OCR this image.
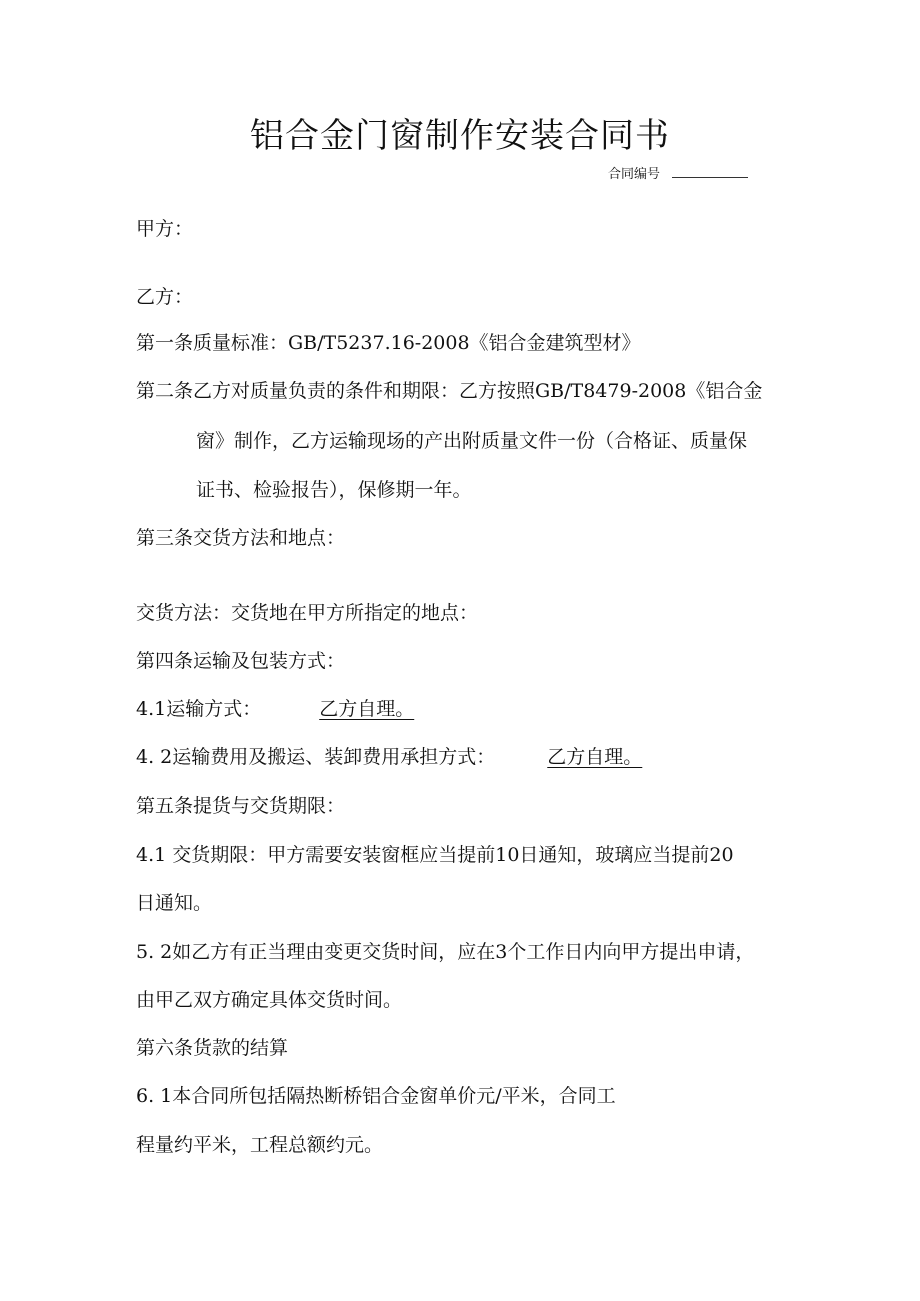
铝合金门窗制作安装合同书
合同编号
甲方：
乙方：
第一条质量标准：GB/T5237.16-2008《铝合金建筑型材》
第二条乙方对质量负责的条件和期限：乙方按照GB/T8479-2008《铝合金
窗》制作，乙方运输现场的产出附质量文件一份（合格证、质量保
证书、检验报告），保修期一年。
第三条交货方法和地点：
交货方法：交货地在甲方所指定的地点：
第四条运输及包装方式：
4.1运输方式：	乙方自理。
4. 2运输费用及搬运、装卸费用承担方式：	乙方自理。
第五条提货与交货期限：
4.1 交货期限：甲方需要安装窗框应当提前10日通知，玻璃应当提前20
日通知。
5. 2如乙方有正当理由变更交货时间，应在3个工作日内向甲方提出申请，
由甲乙双方确定具体交货时间。
第六条货款的结算
6. 1本合同所包括隔热断桥铝合金窗单价元/平米，合同工
程量约平米，工程总额约元。
